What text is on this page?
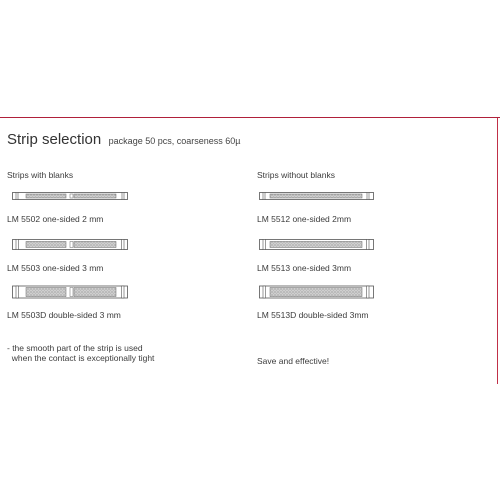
Strip selection package 50 pcs, coarseness 60µ
Strips with blanks
LM 5502 one-sided 2 mm
LM 5503 one-sided 3 mm
LM 5503D double-sided 3 mm
- the smooth part of the strip is used
when the contact is exceptionally tight
Strips without blanks
LM 5512 one-sided 2mm
LM 5513 one-sided 3mm
LM 5513D double-sided 3mm
Save and effective!
